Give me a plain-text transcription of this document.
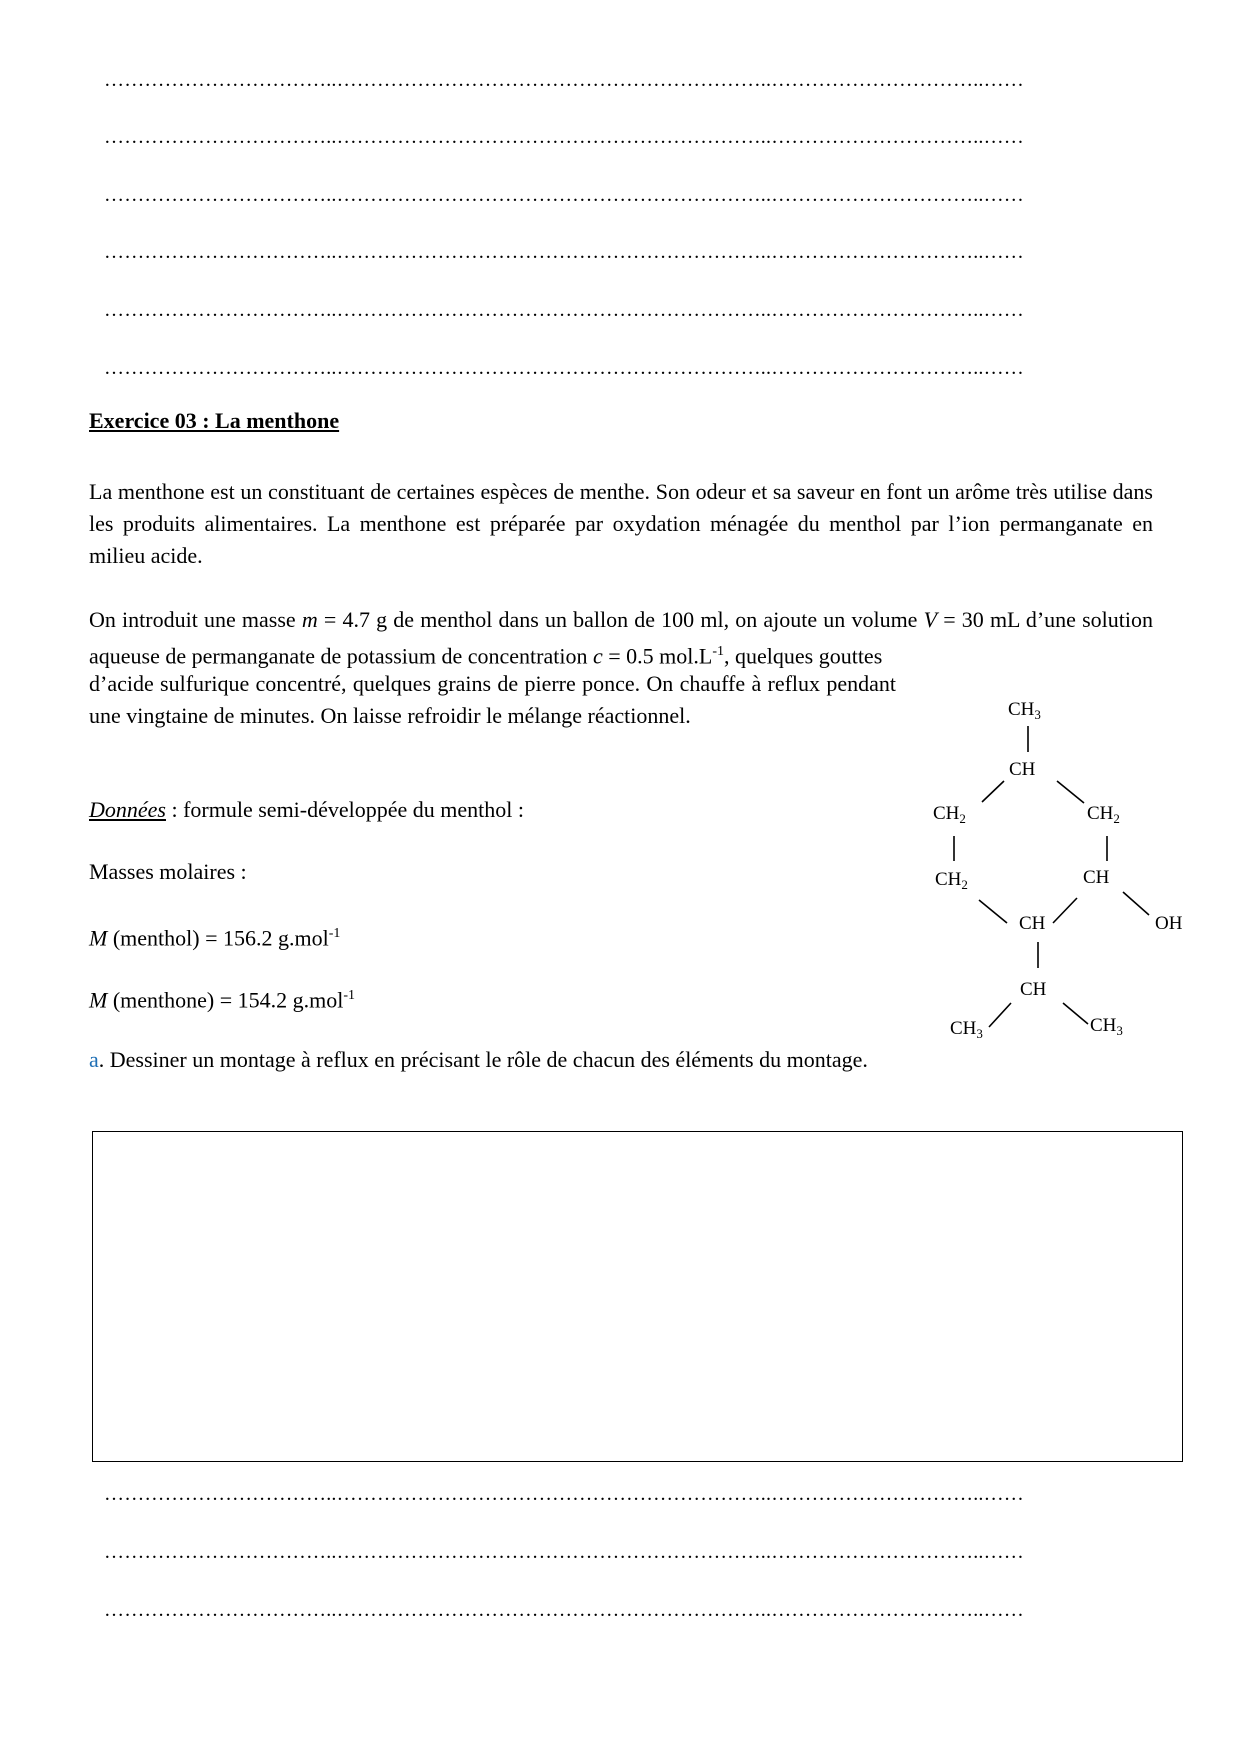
……………………………..………………………………………………………..…………………………..……
……………………………..………………………………………………………..…………………………..……
……………………………..………………………………………………………..…………………………..……
……………………………..………………………………………………………..…………………………..……
……………………………..………………………………………………………..…………………………..……
……………………………..………………………………………………………..…………………………..……
Exercice 03 : La menthone
La menthone est un constituant de certaines espèces de menthe. Son odeur et sa saveur en font un arôme très utilise dans les produits alimentaires. La menthone est préparée par oxydation ménagée du menthol par l’ion permanganate en milieu acide.
On introduit une masse m = 4.7 g de menthol dans un ballon de 100 ml, on ajoute un volume V = 30 mL d’une solution aqueuse de permanganate de potassium de concentration c = 0.5 $mol.L^{-1}$, quelques gouttes
d’acide sulfurique concentré, quelques grains de pierre ponce. On chauffe à reflux pendant une vingtaine de minutes. On laisse refroidir le mélange réactionnel.
Données : formule semi-développée du menthol :
Masses molaires :
M (menthol) = 156.2 g.mol$^{-1}$
M (menthone) = 154.2 g.mol$^{-1}$
a. Dessiner un montage à reflux en précisant le rôle de chacun des éléments du montage.
$CH_3$
CH
$CH_2$	$CH_2$
$CH_2$	CH
OH
CH
CH
$CH_3$	$CH_3$
……………………………..………………………………………………………..…………………………..……
……………………………..………………………………………………………..…………………………..……
……………………………..………………………………………………………..…………………………..……
